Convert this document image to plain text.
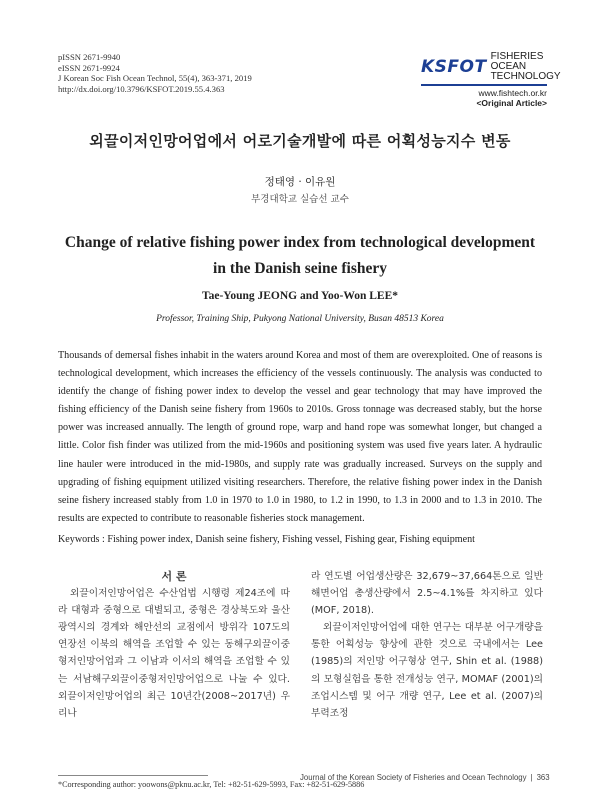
pISSN 2671-9940
eISSN 2671-9924
J Korean Soc Fish Ocean Technol, 55(4), 363-371, 2019
http://dx.doi.org/10.3796/KSFOT.2019.55.4.363
KSFOT
FISHERIES OCEAN
TECHNOLOGY
www.fishtech.or.kr
<Original Article>
외끌이저인망어업에서 어로기술개발에 따른 어획성능지수 변동
정태영 · 이유원
부경대학교 실습선 교수
Change of relative fishing power index from technological development in the Danish seine fishery
Tae-Young JEONG and Yoo-Won LEE*
Professor, Training Ship, Pukyong National University, Busan 48513 Korea
Thousands of demersal fishes inhabit in the waters around Korea and most of them are overexploited. One of reasons is technological development, which increases the efficiency of the vessels continuously. The analysis was conducted to identify the change of fishing power index to develop the vessel and gear technology that may have improved the fishing efficiency of the Danish seine fishery from 1960s to 2010s. Gross tonnage was decreased stably, but the horse power was increased annually. The length of ground rope, warp and hand rope was somewhat longer, but changed a little. Color fish finder was utilized from the mid-1960s and positioning system was used five years later. A hydraulic line hauler were introduced in the mid-1980s, and supply rate was gradually increased. Surveys on the supply and upgrading of fishing equipment utilized visiting researchers. Therefore, the relative fishing power index in the Danish seine fishery increased stably from 1.0 in 1970 to 1.0 in 1980, to 1.2 in 1990, to 1.3 in 2000 and to 1.3 in 2010. The results are expected to contribute to reasonable fisheries stock management.
Keywords : Fishing power index, Danish seine fishery, Fishing vessel, Fishing gear, Fishing equipment

서 론

외끌이저인망어업은 수산업법 시행령 제24조에 따라 대형과 중형으로 대별되고, 중형은 경상북도와 울산광역시의 경계와 해안선의 교점에서 방위각 107도의 연장선 이북의 해역을 조업할 수 있는 동해구외끌이중형저인망어업과 그 이남과 이서의 해역을 조업할 수 있는 서남해구외끌이중형저인망어업으로 나눌 수 있다. 외끌이저인망어업의 최근 10년간(2008~2017년) 우리나

라 연도별 어업생산량은 32,679~37,664톤으로 일반해면어업 총생산량에서 2.5~4.1%를 차지하고 있다(MOF, 2018).

외끌이저인망어업에 대한 연구는 대부분 어구개량을 통한 어획성능 향상에 관한 것으로 국내에서는 Lee (1985)의 저인망 어구형상 연구, Shin et al. (1988)의 모형실험을 통한 전개성능 연구, MOMAF (2001)의 조업시스템 및 어구 개량 연구, Lee et al. (2007)의 부력조정

*Corresponding author: yoowons@pknu.ac.kr, Tel: +82-51-629-5993, Fax: +82-51-629-5886
Journal of the Korean Society of Fisheries and Ocean Technology | 363
